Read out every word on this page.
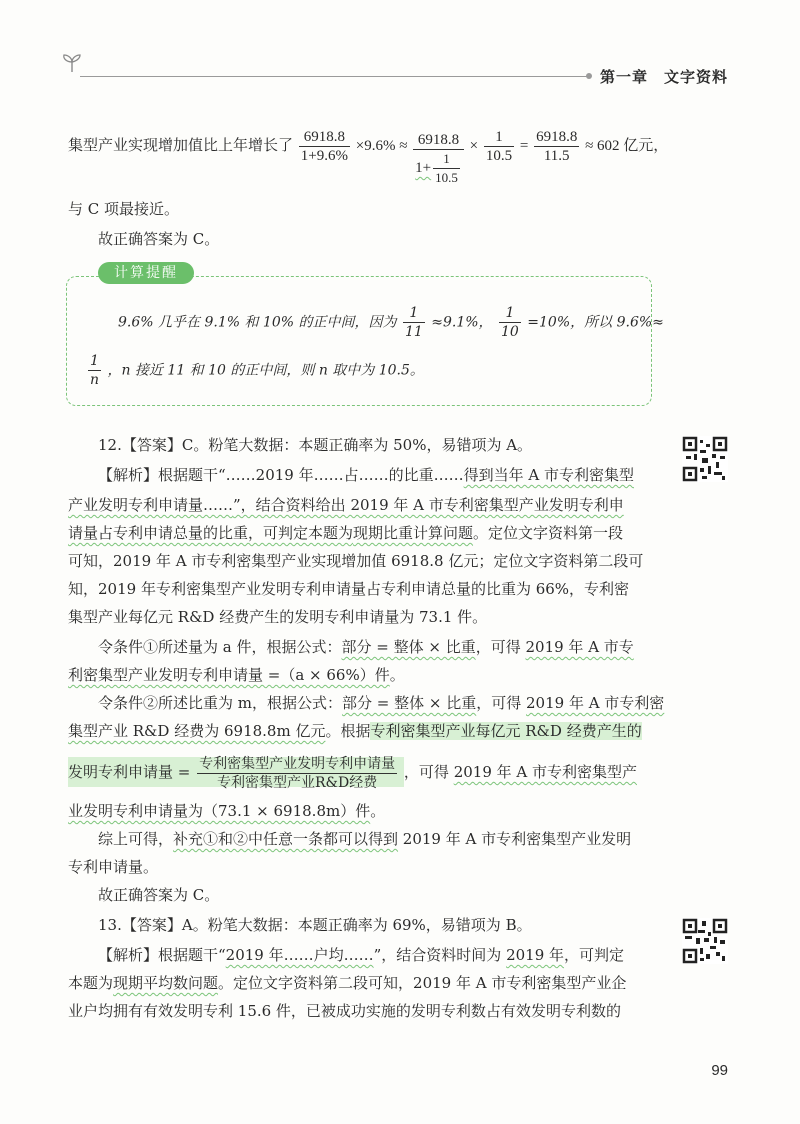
第一章　文字资料
集型产业实现增加值比上年增长了 $\frac{6918.8}{1+9.6\%} \times 9.6\% \approx \frac{6918.8}{1+ \frac{1}{10.5}} \times \frac{1}{10.5} = \frac{6918.8}{11.5} \approx 602$ 亿元，
与 C 项最接近。
故正确答案为 C。
计算提醒
9.6% 几乎在 9.1% 和 10% 的正中间，因为 $\frac{1}{11} \approx 9.1\%$， $\frac{1}{10} =10\%$，所以 9.6%≈
$\frac{1}{n}$ ，n 接近 11 和 10 的正中间，则 n 取中为 10.5。
12.【答案】C。粉笔大数据：本题正确率为 50%，易错项为 A。
【解析】根据题干“……2019 年……占……的比重……得到当年 A 市专利密集型
产业发明专利申请量……”，结合资料给出 2019 年 A 市专利密集型产业发明专利申
请量占专利申请总量的比重，可判定本题为现期比重计算问题。定位文字资料第一段
可知，2019 年 A 市专利密集型产业实现增加值 6918.8 亿元；定位文字资料第二段可
知，2019 年专利密集型产业发明专利申请量占专利申请总量的比重为 66%，专利密
集型产业每亿元 R&D 经费产生的发明专利申请量为 73.1 件。
令条件①所述量为 a 件，根据公式：部分 = 整体 × 比重，可得 2019 年 A 市专
利密集型产业发明专利申请量 =（a × 66%）件。
令条件②所述比重为 m，根据公式：部分 = 整体 × 比重，可得 2019 年 A 市专利密
集型产业 R&D 经费为 6918.8m 亿元。根据专利密集型产业每亿元 R&D 经费产生的
发明专利申请量 = $\frac{\text{专利密集型产业发明专利申请量}}{\text{专利密集型产业R\&D经费}}$ ，可得 2019 年 A 市专利密集型产
业发明专利申请量为（73.1 × 6918.8m）件。
综上可得，补充①和②中任意一条都可以得到 2019 年 A 市专利密集型产业发明
专利申请量。
故正确答案为 C。
13.【答案】A。粉笔大数据：本题正确率为 69%，易错项为 B。
【解析】根据题干“2019 年……户均……”，结合资料时间为 2019 年，可判定
本题为现期平均数问题。定位文字资料第二段可知，2019 年 A 市专利密集型产业企
业户均拥有有效发明专利 15.6 件，已被成功实施的发明专利数占有效发明专利数的
99
